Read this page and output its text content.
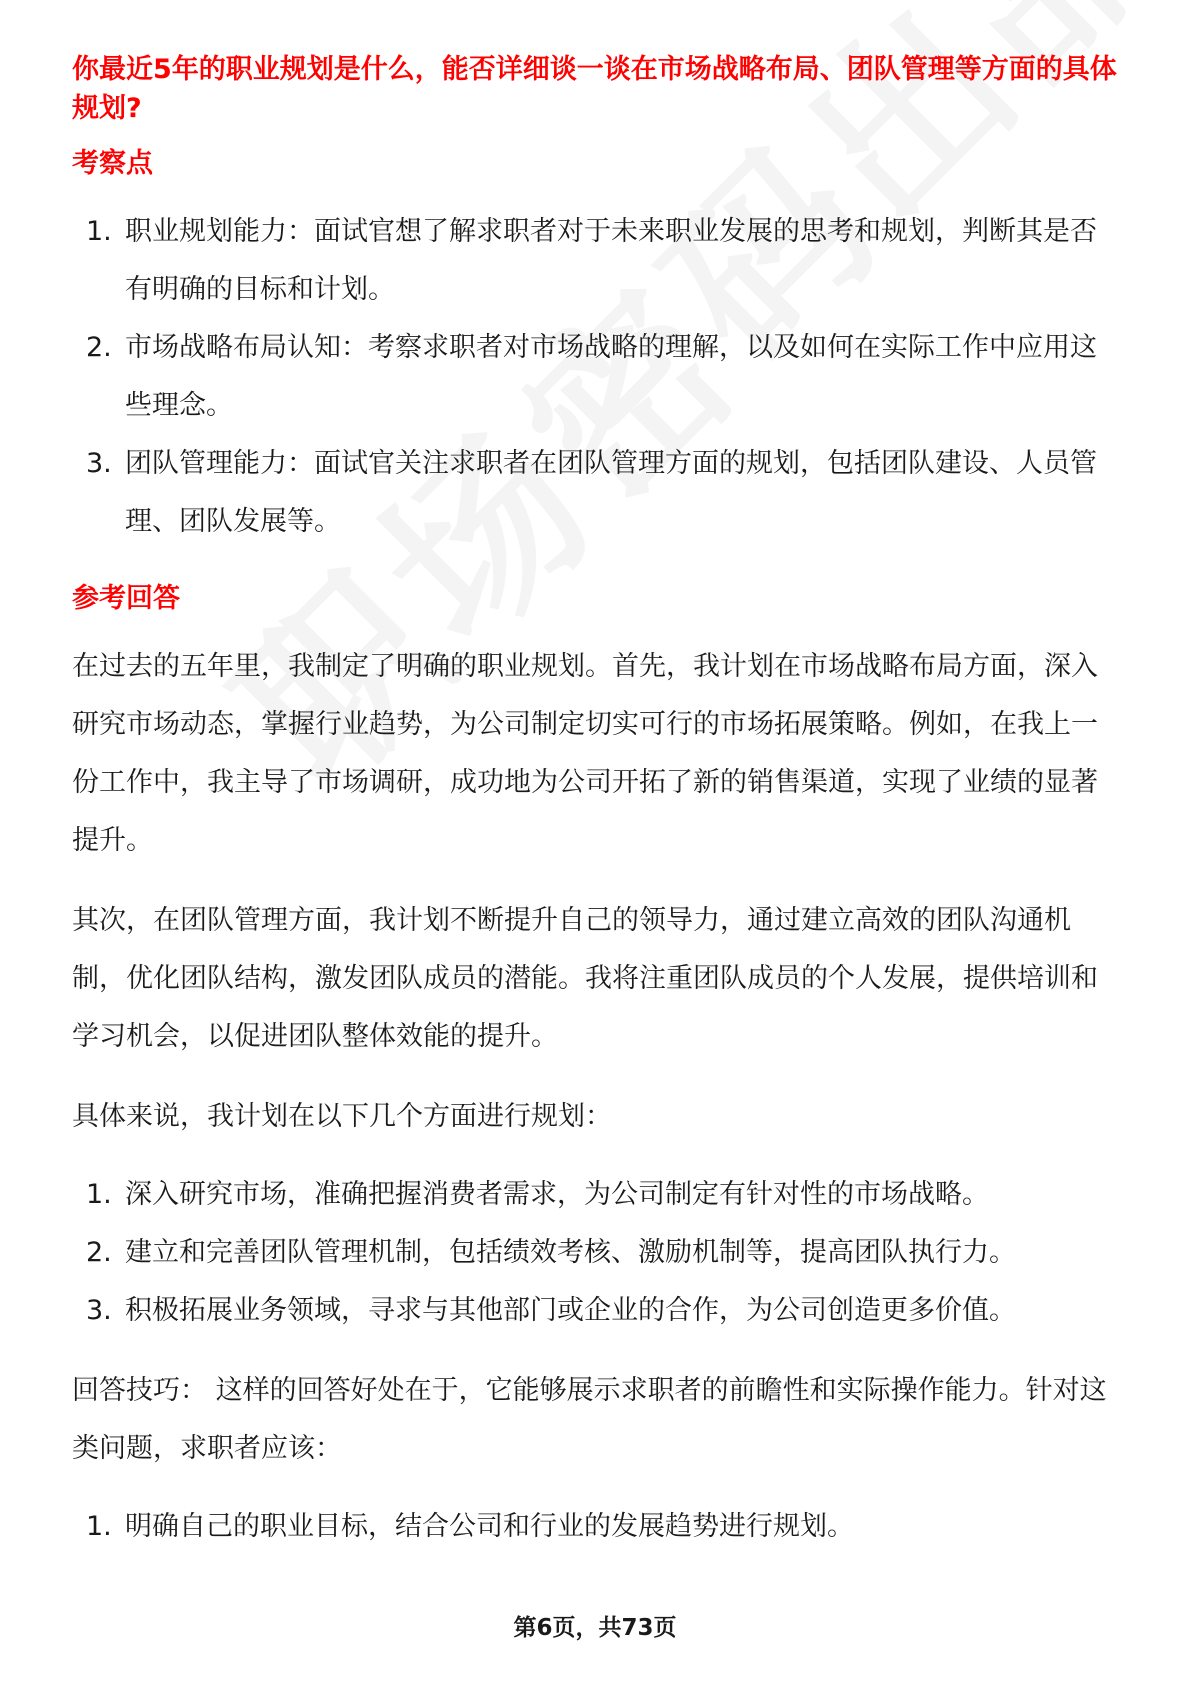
你最近5年的职业规划是什么，能否详细谈一谈在市场战略布局、团队管理等方面的具体规划?

考察点

1. 职业规划能力：面试官想了解求职者对于未来职业发展的思考和规划，判断其是否有明确的目标和计划。
2. 市场战略布局认知：考察求职者对市场战略的理解，以及如何在实际工作中应用这些理念。
3. 团队管理能力：面试官关注求职者在团队管理方面的规划，包括团队建设、人员管理、团队发展等。

参考回答

在过去的五年里，我制定了明确的职业规划。首先，我计划在市场战略布局方面，深入研究市场动态，掌握行业趋势，为公司制定切实可行的市场拓展策略。例如，在我上一份工作中，我主导了市场调研，成功地为公司开拓了新的销售渠道，实现了业绩的显著提升。

其次，在团队管理方面，我计划不断提升自己的领导力，通过建立高效的团队沟通机制，优化团队结构，激发团队成员的潜能。我将注重团队成员的个人发展，提供培训和学习机会，以促进团队整体效能的提升。

具体来说，我计划在以下几个方面进行规划：

1. 深入研究市场，准确把握消费者需求，为公司制定有针对性的市场战略。
2. 建立和完善团队管理机制，包括绩效考核、激励机制等，提高团队执行力。
3. 积极拓展业务领域，寻求与其他部门或企业的合作，为公司创造更多价值。

回答技巧： 这样的回答好处在于，它能够展示求职者的前瞻性和实际操作能力。针对这类问题，求职者应该：

1. 明确自己的职业目标，结合公司和行业的发展趋势进行规划。
第6页，共73页
